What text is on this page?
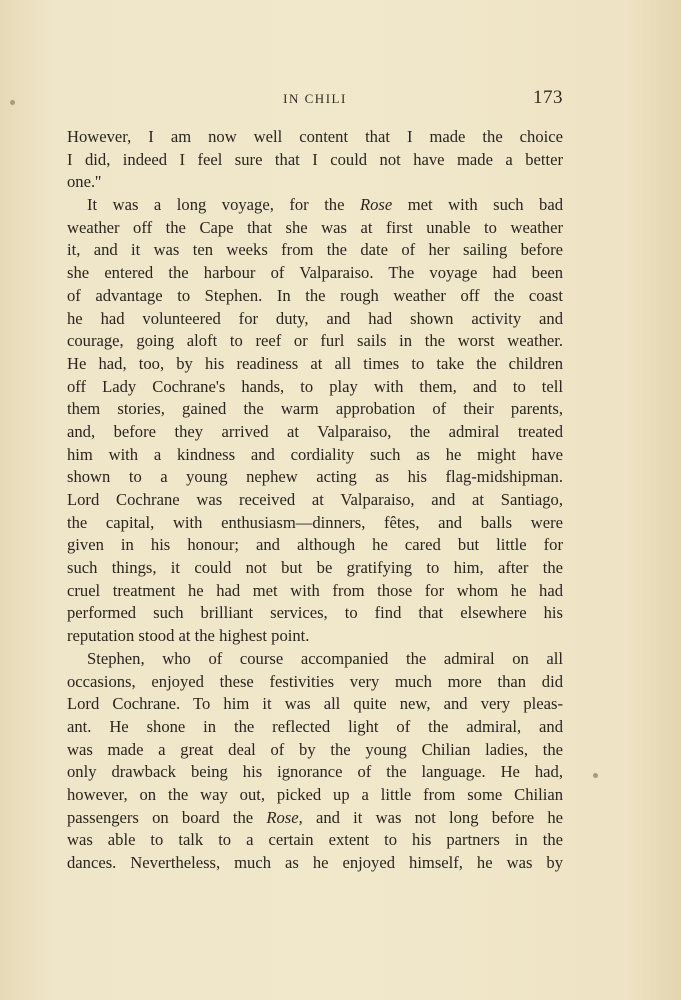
IN CHILI	173
However, I am now well content that I made the choice
I did, indeed I feel sure that I could not have made a better
one.''
It was a long voyage, for the Rose met with such bad
weather off the Cape that she was at first unable to weather
it, and it was ten weeks from the date of her sailing before
she entered the harbour of Valparaiso. The voyage had been
of advantage to Stephen. In the rough weather off the coast
he had volunteered for duty, and had shown activity and
courage, going aloft to reef or furl sails in the worst weather.
He had, too, by his readiness at all times to take the children
off Lady Cochrane's hands, to play with them, and to tell
them stories, gained the warm approbation of their parents,
and, before they arrived at Valparaiso, the admiral treated
him with a kindness and cordiality such as he might have
shown to a young nephew acting as his flag-midshipman.
Lord Cochrane was received at Valparaiso, and at Santiago,
the capital, with enthusiasm—dinners, fêtes, and balls were
given in his honour; and although he cared but little for
such things, it could not but be gratifying to him, after the
cruel treatment he had met with from those for whom he had
performed such brilliant services, to find that elsewhere his
reputation stood at the highest point.
Stephen, who of course accompanied the admiral on all
occasions, enjoyed these festivities very much more than did
Lord Cochrane. To him it was all quite new, and very pleas-
ant. He shone in the reflected light of the admiral, and
was made a great deal of by the young Chilian ladies, the
only drawback being his ignorance of the language. He had,
however, on the way out, picked up a little from some Chilian
passengers on board the Rose, and it was not long before he
was able to talk to a certain extent to his partners in the
dances. Nevertheless, much as he enjoyed himself, he was by
